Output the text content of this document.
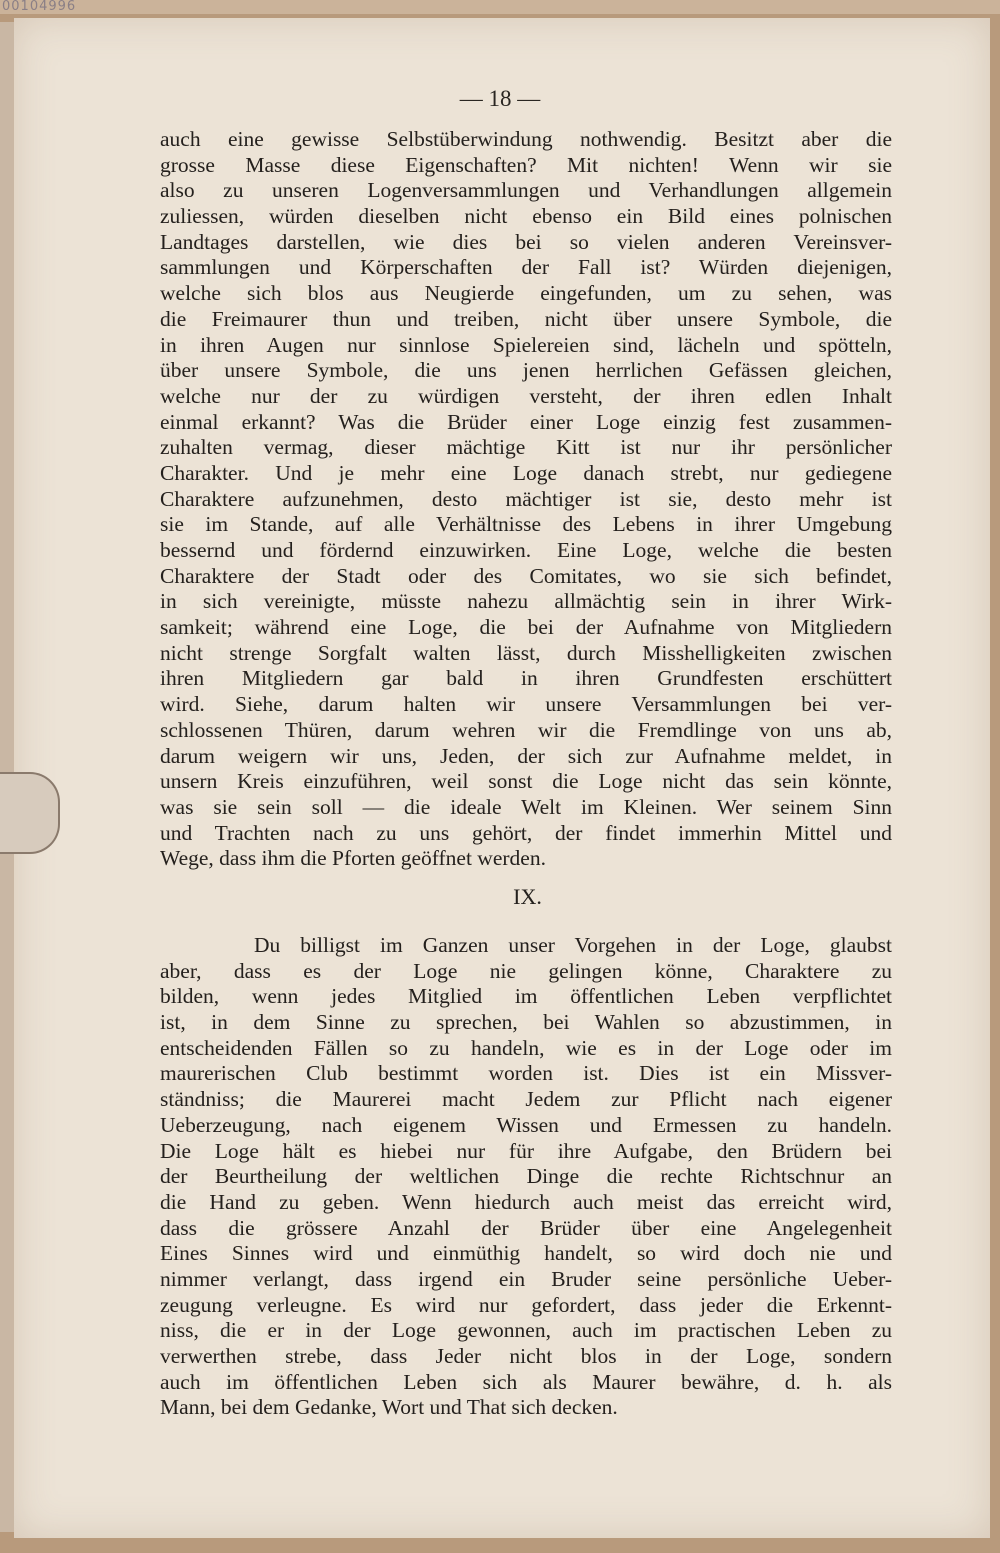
00104996
— 18 —
auch eine gewisse Selbstüberwindung nothwendig. Besitzt aber die
grosse Masse diese Eigenschaften? Mit nichten! Wenn wir sie
also zu unseren Logenversammlungen und Verhandlungen allgemein
zuliessen, würden dieselben nicht ebenso ein Bild eines polnischen
Landtages darstellen, wie dies bei so vielen anderen Vereinsver-
sammlungen und Körperschaften der Fall ist? Würden diejenigen,
welche sich blos aus Neugierde eingefunden, um zu sehen, was
die Freimaurer thun und treiben, nicht über unsere Symbole, die
in ihren Augen nur sinnlose Spielereien sind, lächeln und spötteln,
über unsere Symbole, die uns jenen herrlichen Gefässen gleichen,
welche nur der zu würdigen versteht, der ihren edlen Inhalt
einmal erkannt? Was die Brüder einer Loge einzig fest zusammen-
zuhalten vermag, dieser mächtige Kitt ist nur ihr persönlicher
Charakter. Und je mehr eine Loge danach strebt, nur gediegene
Charaktere aufzunehmen, desto mächtiger ist sie, desto mehr ist
sie im Stande, auf alle Verhältnisse des Lebens in ihrer Umgebung
bessernd und fördernd einzuwirken. Eine Loge, welche die besten
Charaktere der Stadt oder des Comitates, wo sie sich befindet,
in sich vereinigte, müsste nahezu allmächtig sein in ihrer Wirk-
samkeit; während eine Loge, die bei der Aufnahme von Mitgliedern
nicht strenge Sorgfalt walten lässt, durch Misshelligkeiten zwischen
ihren Mitgliedern gar bald in ihren Grundfesten erschüttert
wird. Siehe, darum halten wir unsere Versammlungen bei ver-
schlossenen Thüren, darum wehren wir die Fremdlinge von uns ab,
darum weigern wir uns, Jeden, der sich zur Aufnahme meldet, in
unsern Kreis einzuführen, weil sonst die Loge nicht das sein könnte,
was sie sein soll — die ideale Welt im Kleinen. Wer seinem Sinn
und Trachten nach zu uns gehört, der findet immerhin Mittel und
Wege, dass ihm die Pforten geöffnet werden.
IX.
Du billigst im Ganzen unser Vorgehen in der Loge, glaubst
aber, dass es der Loge nie gelingen könne, Charaktere zu
bilden, wenn jedes Mitglied im öffentlichen Leben verpflichtet
ist, in dem Sinne zu sprechen, bei Wahlen so abzustimmen, in
entscheidenden Fällen so zu handeln, wie es in der Loge oder im
maurerischen Club bestimmt worden ist. Dies ist ein Missver-
ständniss; die Maurerei macht Jedem zur Pflicht nach eigener
Ueberzeugung, nach eigenem Wissen und Ermessen zu handeln.
Die Loge hält es hiebei nur für ihre Aufgabe, den Brüdern bei
der Beurtheilung der weltlichen Dinge die rechte Richtschnur an
die Hand zu geben. Wenn hiedurch auch meist das erreicht wird,
dass die grössere Anzahl der Brüder über eine Angelegenheit
Eines Sinnes wird und einmüthig handelt, so wird doch nie und
nimmer verlangt, dass irgend ein Bruder seine persönliche Ueber-
zeugung verleugne. Es wird nur gefordert, dass jeder die Erkennt-
niss, die er in der Loge gewonnen, auch im practischen Leben zu
verwerthen strebe, dass Jeder nicht blos in der Loge, sondern
auch im öffentlichen Leben sich als Maurer bewähre, d. h. als
Mann, bei dem Gedanke, Wort und That sich decken.
